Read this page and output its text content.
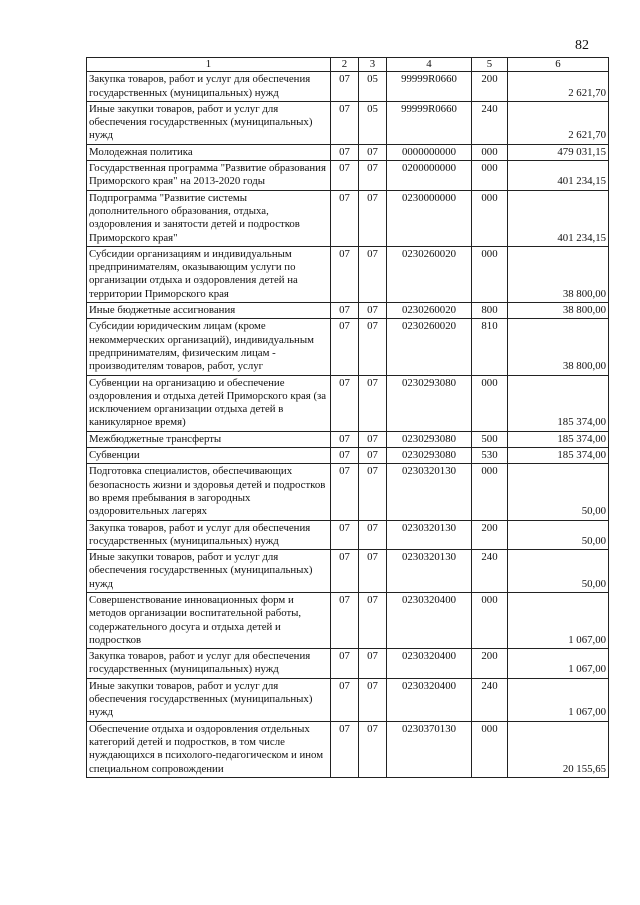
82
1	2	3	4	5	6
Закупка товаров, работ и услуг для обеспечения государственных (муниципальных) нужд	07	05	99999R0660	200	2 621,70
Иные закупки товаров, работ и услуг для обеспечения государственных (муниципальных) нужд	07	05	99999R0660	240	2 621,70
Молодежная политика	07	07	0000000000	000	479 031,15
Государственная программа "Развитие образования Приморского края" на 2013-2020 годы	07	07	0200000000	000	401 234,15
Подпрограмма "Развитие системы дополнительного образования, отдыха, оздоровления и занятости детей и подростков Приморского края"	07	07	0230000000	000	401 234,15
Субсидии организациям и индивидуальным предпринимателям, оказывающим услуги по организации отдыха и оздоровления детей на территории Приморского края	07	07	0230260020	000	38 800,00
Иные бюджетные ассигнования	07	07	0230260020	800	38 800,00
Субсидии юридическим лицам (кроме некоммерческих организаций), индивидуальным предпринимателям, физическим лицам - производителям товаров, работ, услуг	07	07	0230260020	810	38 800,00
Субвенции на организацию и обеспечение оздоровления и отдыха детей Приморского края (за исключением организации отдыха детей в каникулярное время)	07	07	0230293080	000	185 374,00
Межбюджетные трансферты	07	07	0230293080	500	185 374,00
Субвенции	07	07	0230293080	530	185 374,00
Подготовка специалистов, обеспечивающих безопасность жизни и здоровья детей и подростков во время пребывания в загородных оздоровительных лагерях	07	07	0230320130	000	50,00
Закупка товаров, работ и услуг для обеспечения государственных (муниципальных) нужд	07	07	0230320130	200	50,00
Иные закупки товаров, работ и услуг для обеспечения государственных (муниципальных) нужд	07	07	0230320130	240	50,00
Совершенствование инновационных форм и методов организации воспитательной работы, содержательного досуга и отдыха детей и подростков	07	07	0230320400	000	1 067,00
Закупка товаров, работ и услуг для обеспечения государственных (муниципальных) нужд	07	07	0230320400	200	1 067,00
Иные закупки товаров, работ и услуг для обеспечения государственных (муниципальных) нужд	07	07	0230320400	240	1 067,00
Обеспечение отдыха и оздоровления отдельных категорий детей и подростков, в том числе нуждающихся в психолого-педагогическом и ином специальном сопровождении	07	07	0230370130	000	20 155,65
